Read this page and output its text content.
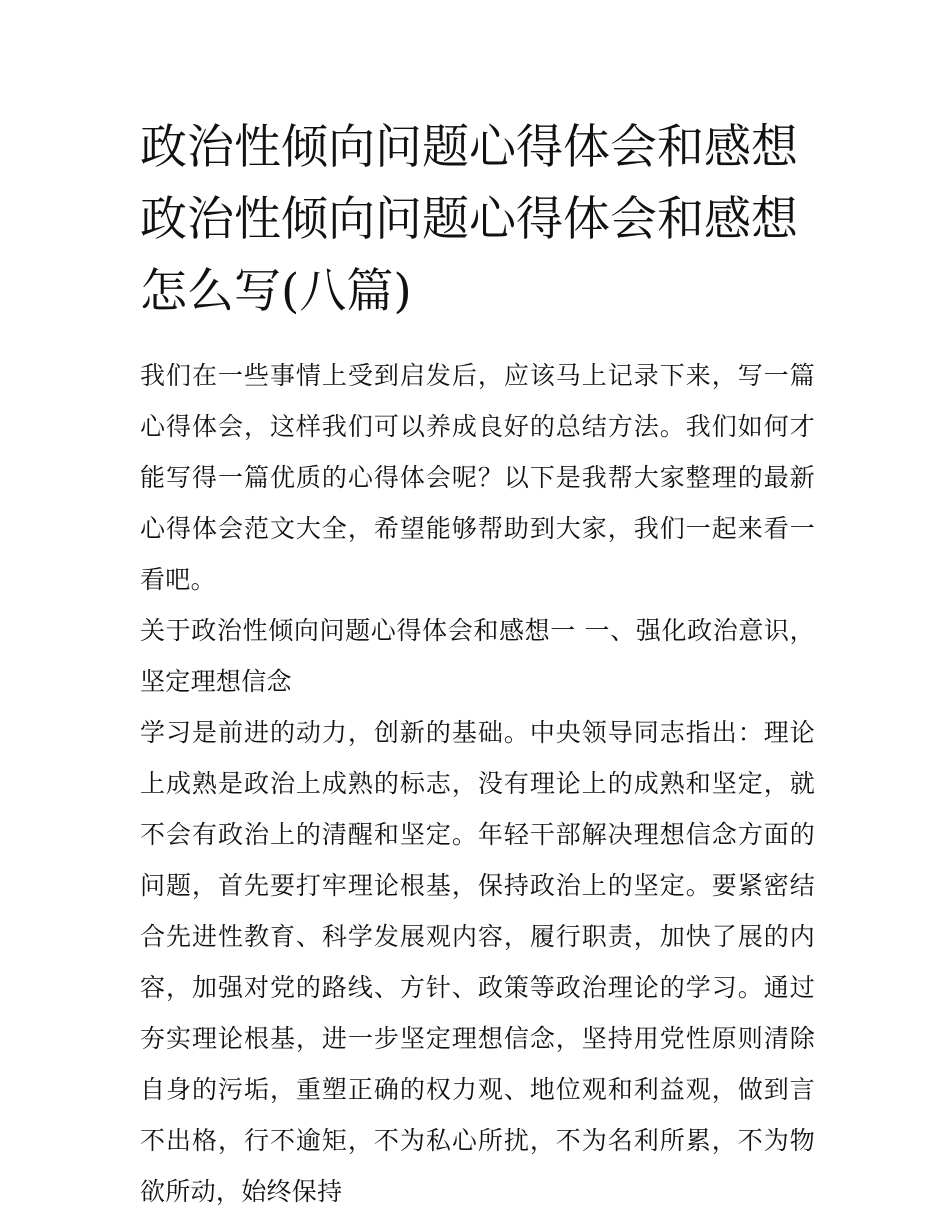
政治性倾向问题心得体会和感想 政治性倾向问题心得体会和感想怎么写(八篇)

我们在一些事情上受到启发后，应该马上记录下来，写一篇心得体会，这样我们可以养成良好的总结方法。我们如何才能写得一篇优质的心得体会呢？以下是我帮大家整理的最新心得体会范文大全，希望能够帮助到大家，我们一起来看一看吧。

关于政治性倾向问题心得体会和感想一 一、强化政治意识，坚定理想信念

学习是前进的动力，创新的基础。中央领导同志指出：理论上成熟是政治上成熟的标志，没有理论上的成熟和坚定，就不会有政治上的清醒和坚定。年轻干部解决理想信念方面的问题，首先要打牢理论根基，保持政治上的坚定。要紧密结合先进性教育、科学发展观内容，履行职责，加快了展的内容，加强对党的路线、方针、政策等政治理论的学习。通过夯实理论根基，进一步坚定理想信念，坚持用党性原则清除自身的污垢，重塑正确的权力观、地位观和利益观，做到言不出格，行不逾矩，不为私心所扰，不为名利所累，不为物欲所动，始终保持
